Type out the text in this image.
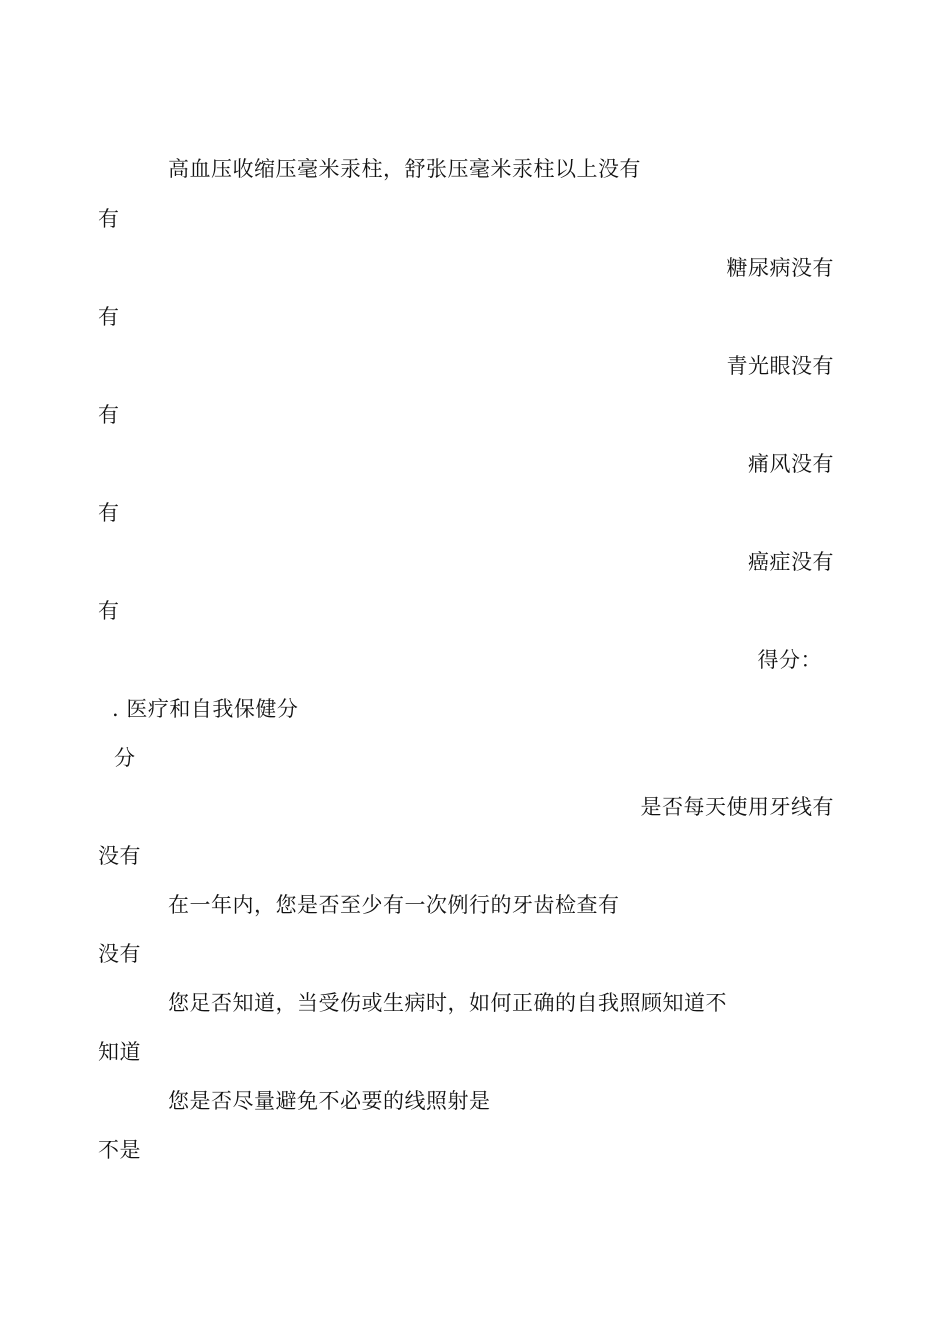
高血压收缩压毫米汞柱，舒张压毫米汞柱以上没有
有
糖尿病没有
有
青光眼没有
有
痛风没有
有
癌症没有
有
得分：
. 医疗和自我保健分
分
是否每天使用牙线有
没有
在一年内，您是否至少有一次例行的牙齿检查有
没有
您足否知道，当受伤或生病时，如何正确的自我照顾知道不
知道
您是否尽量避免不必要的线照射是
不是
